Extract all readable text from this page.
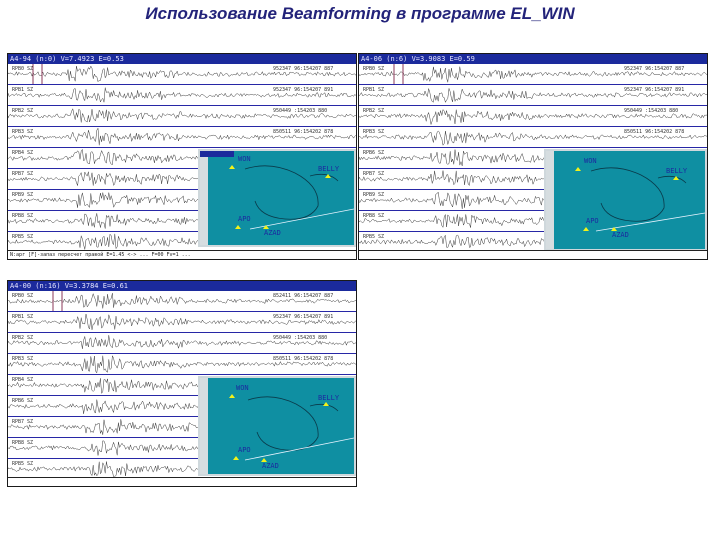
Использование Beamforming в программе EL_WIN
A4-94 (n:0) V=7.4923 E=0.53
RPB0 SZ	952347 96:154207 887
RPB1 SZ	952347 96:154207 891
RPB2 SZ	950449 :154203 880
RPB3 SZ	850511 96:154202 878
RPB4 SZ
RPB7 SZ
RPB9 SZ
RPB8 SZ
RPB5 SZ
WON
BELLY
APO
AZAD
N:apr [F]-запаз пересчет правой E=1.45 <-> ... F=00 Fv=1 ...
A4-06 (n:6) V=3.9083 E=0.59
RPB0 SZ	952347 96:154207 887
RPB1 SZ	952347 96:154207 891
RPB2 SZ	950449 :154203 880
RPB3 SZ	850511 96:154202 878
RPB6 SZ
RPB7 SZ
RPB9 SZ
RPB8 SZ
RPB5 SZ
WON
BELLY
APO
AZAD
A4-00 (n:16) V=3.3784 E=0.61
RPB0 SZ	852411 96:154207 887
RPB1 SZ	952347 96:154207 891
RPB2 SZ	950449 :154203 880
RPB3 SZ	850511 96:154202 878
RPB4 SZ
RPB6 SZ
RPB7 SZ
RPB8 SZ
RPB5 SZ
WON
BELLY
APO
AZAD
